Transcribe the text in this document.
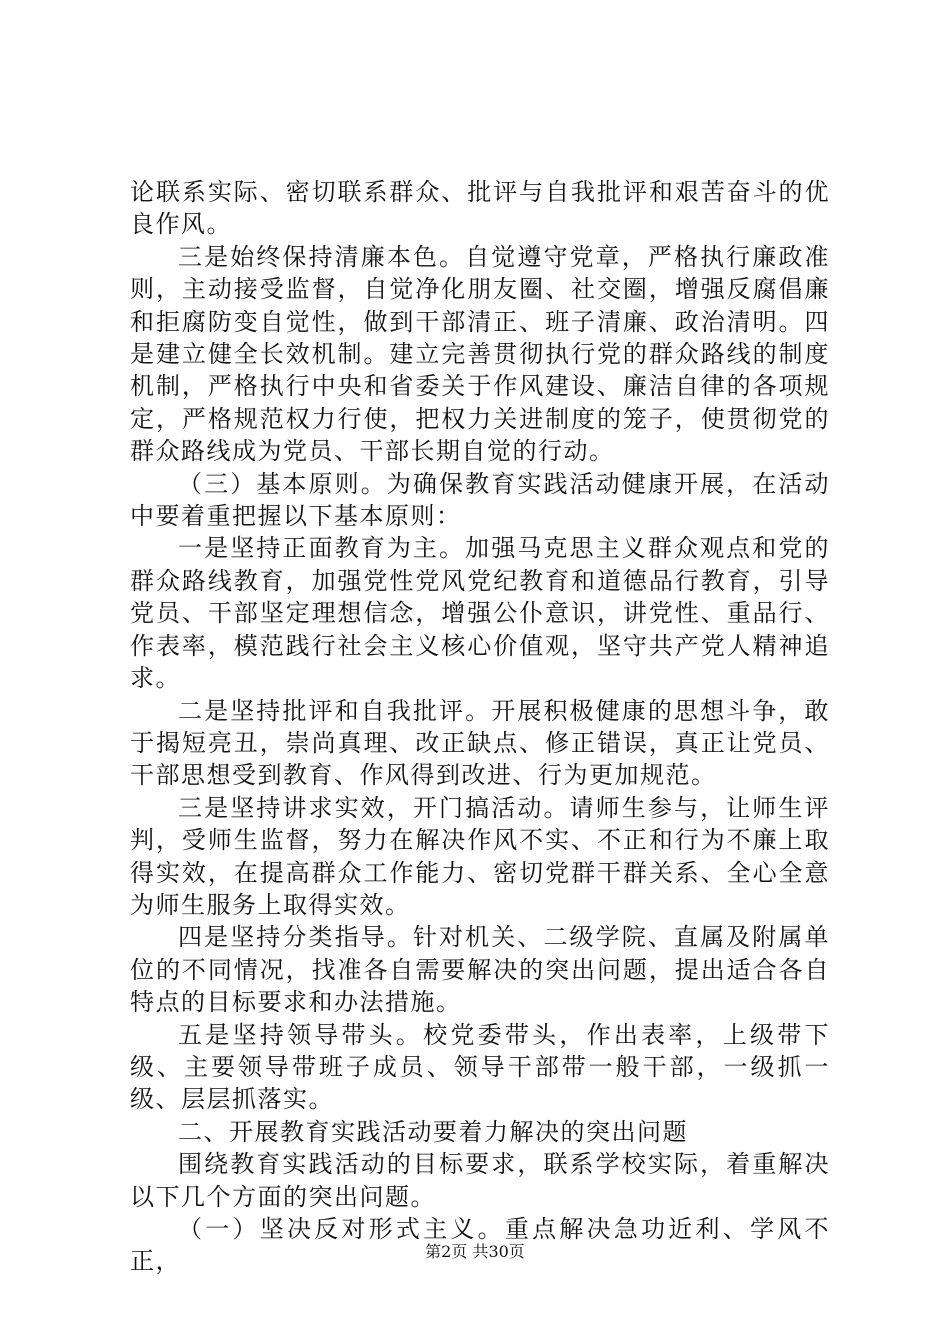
论联系实际、密切联系群众、批评与自我批评和艰苦奋斗的优良作风。

三是始终保持清廉本色。自觉遵守党章，严格执行廉政准则，主动接受监督，自觉净化朋友圈、社交圈，增强反腐倡廉和拒腐防变自觉性，做到干部清正、班子清廉、政治清明。四是建立健全长效机制。建立完善贯彻执行党的群众路线的制度机制，严格执行中央和省委关于作风建设、廉洁自律的各项规定，严格规范权力行使，把权力关进制度的笼子，使贯彻党的群众路线成为党员、干部长期自觉的行动。

（三）基本原则。为确保教育实践活动健康开展，在活动中要着重把握以下基本原则：

一是坚持正面教育为主。加强马克思主义群众观点和党的群众路线教育，加强党性党风党纪教育和道德品行教育，引导党员、干部坚定理想信念，增强公仆意识，讲党性、重品行、作表率，模范践行社会主义核心价值观，坚守共产党人精神追求。

二是坚持批评和自我批评。开展积极健康的思想斗争，敢于揭短亮丑，崇尚真理、改正缺点、修正错误，真正让党员、干部思想受到教育、作风得到改进、行为更加规范。

三是坚持讲求实效，开门搞活动。请师生参与，让师生评判，受师生监督，努力在解决作风不实、不正和行为不廉上取得实效，在提高群众工作能力、密切党群干群关系、全心全意为师生服务上取得实效。

四是坚持分类指导。针对机关、二级学院、直属及附属单位的不同情况，找准各自需要解决的突出问题，提出适合各自特点的目标要求和办法措施。

五是坚持领导带头。校党委带头，作出表率，上级带下级、主要领导带班子成员、领导干部带一般干部，一级抓一级、层层抓落实。

二、开展教育实践活动要着力解决的突出问题

围绕教育实践活动的目标要求，联系学校实际，着重解决以下几个方面的突出问题。

（一）坚决反对形式主义。重点解决急功近利、学风不正，	第2页 共30页
